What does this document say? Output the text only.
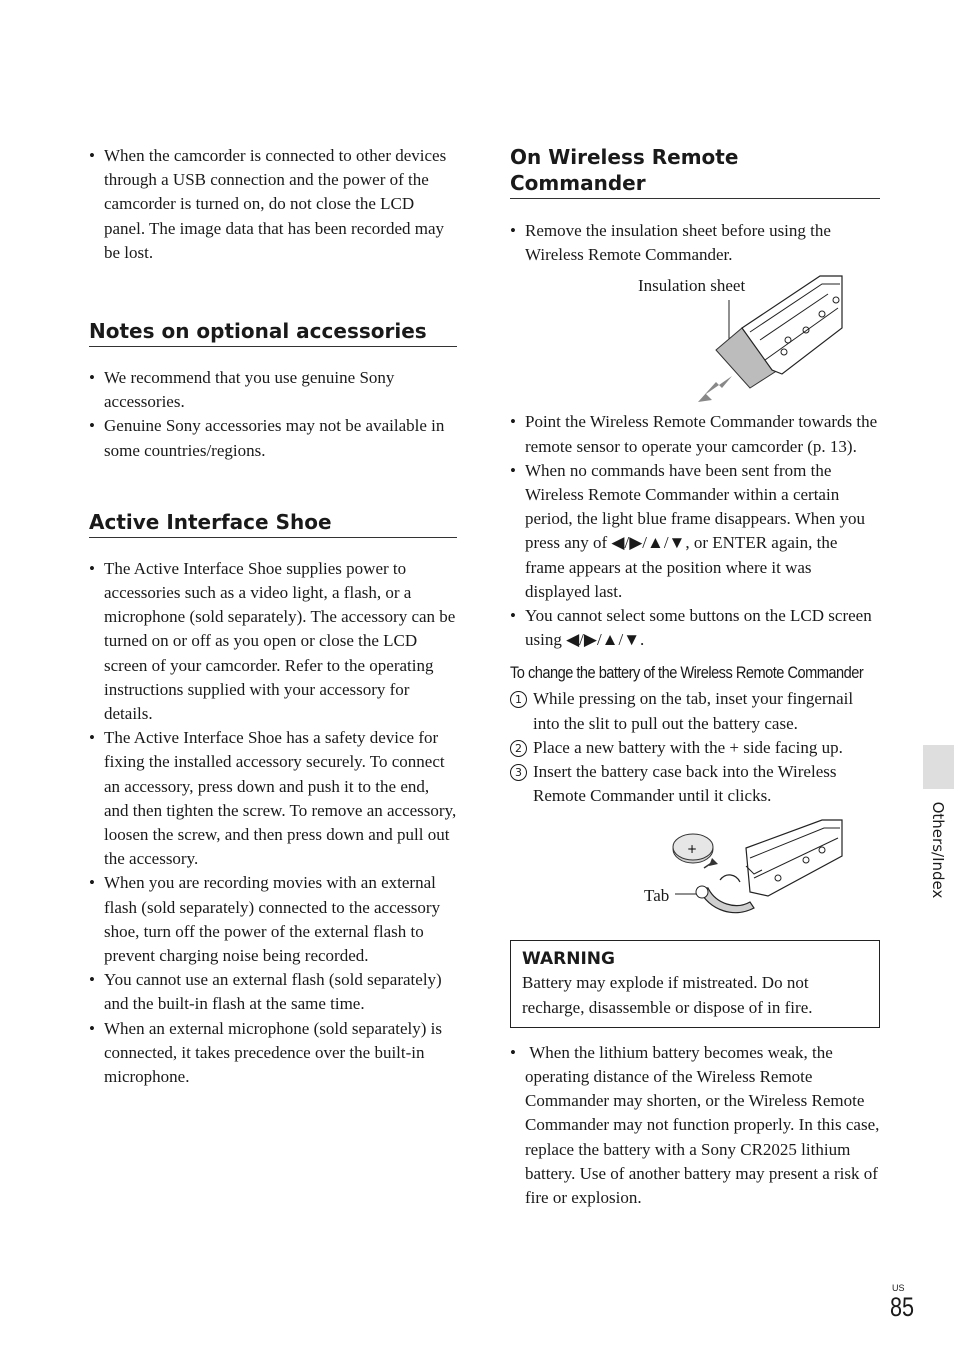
• When the camcorder is connected to other devices through a USB connection and the power of the camcorder is turned on, do not close the LCD panel. The image data that has been recorded may be lost.
Notes on optional accessories
• We recommend that you use genuine Sony accessories.
• Genuine Sony accessories may not be available in some countries/regions.
Active Interface Shoe
• The Active Interface Shoe supplies power to accessories such as a video light, a flash, or a microphone (sold separately). The accessory can be turned on or off as you open or close the LCD screen of your camcorder. Refer to the operating instructions supplied with your accessory for details.
• The Active Interface Shoe has a safety device for fixing the installed accessory securely. To connect an accessory, press down and push it to the end, and then tighten the screw. To remove an accessory, loosen the screw, and then press down and pull out the accessory.
• When you are recording movies with an external flash (sold separately) connected to the accessory shoe, turn off the power of the external flash to prevent charging noise being recorded.
• You cannot use an external flash (sold separately) and the built-in flash at the same time.
• When an external microphone (sold separately) is connected, it takes precedence over the built-in microphone.
On Wireless Remote Commander
• Remove the insulation sheet before using the Wireless Remote Commander.
Insulation sheet
• Point the Wireless Remote Commander towards the remote sensor to operate your camcorder (p. 13).
• When no commands have been sent from the Wireless Remote Commander within a certain period, the light blue frame disappears. When you press any of ◀/▶/▲/▼, or ENTER again, the frame appears at the position where it was displayed last.
• You cannot select some buttons on the LCD screen using ◀/▶/▲/▼.
To change the battery of the Wireless Remote Commander
1 While pressing on the tab, inset your fingernail into the slit to pull out the battery case.
2 Place a new battery with the + side facing up.
3 Insert the battery case back into the Wireless Remote Commander until it clicks.
Tab
+
WARNING
Battery may explode if mistreated. Do not recharge, disassemble or dispose of in fire.
•  When the lithium battery becomes weak, the operating distance of the Wireless Remote Commander may shorten, or the Wireless Remote Commander may not function properly. In this case, replace the battery with a Sony CR2025 lithium battery. Use of another battery may present a risk of fire or explosion.
Others/Index
US
85
